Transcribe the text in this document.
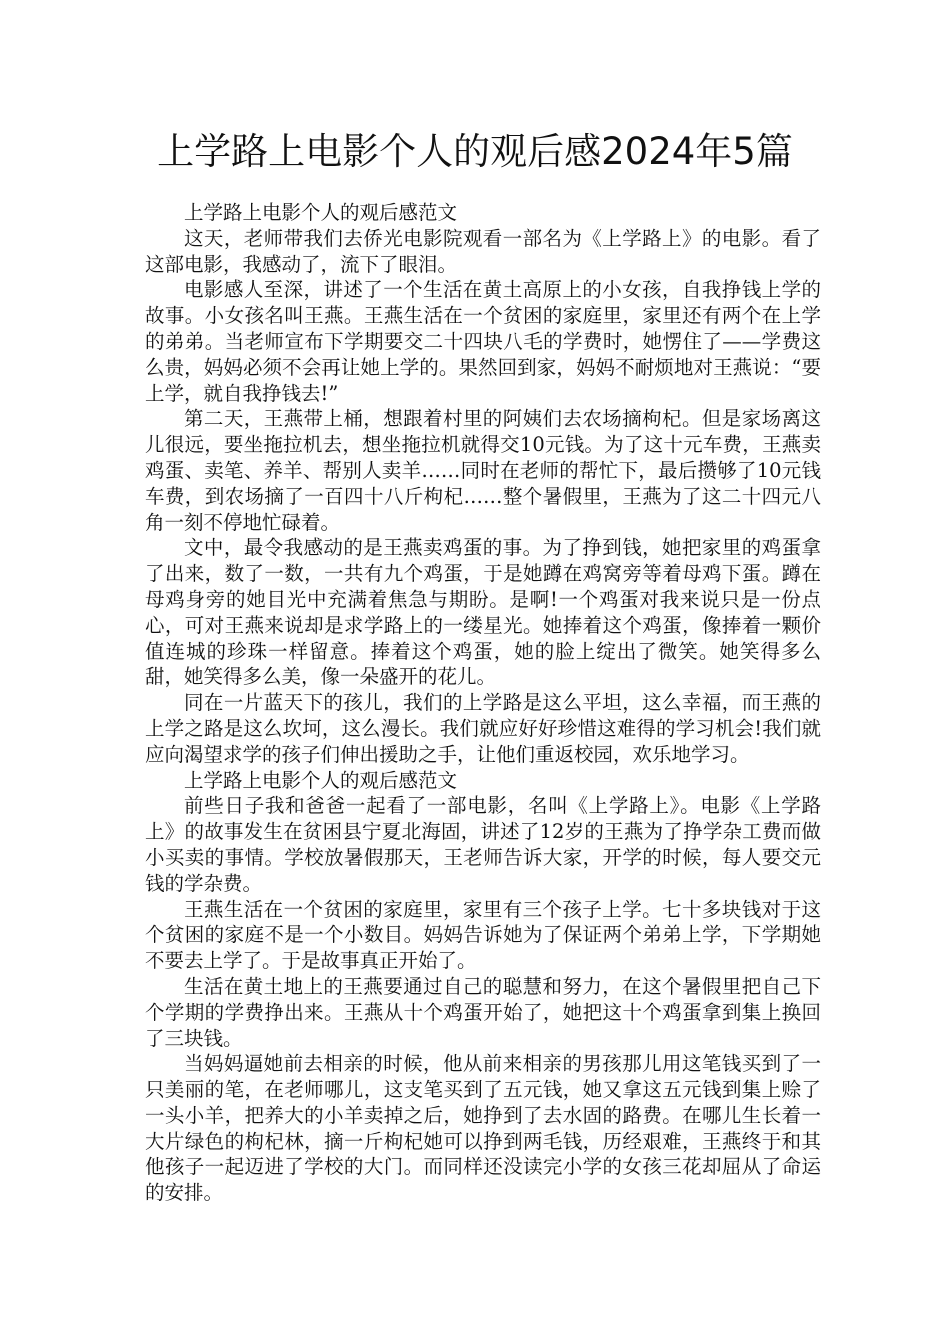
上学路上电影个人的观后感2024年5篇

上学路上电影个人的观后感范文

这天，老师带我们去侨光电影院观看一部名为《上学路上》的电影。看了这部电影，我感动了，流下了眼泪。

电影感人至深，讲述了一个生活在黄土高原上的小女孩，自我挣钱上学的故事。小女孩名叫王燕。王燕生活在一个贫困的家庭里，家里还有两个在上学的弟弟。当老师宣布下学期要交二十四块八毛的学费时，她愣住了——学费这么贵，妈妈必须不会再让她上学的。果然回到家，妈妈不耐烦地对王燕说：“要上学，就自我挣钱去!”

第二天，王燕带上桶，想跟着村里的阿姨们去农场摘枸杞。但是家场离这儿很远，要坐拖拉机去，想坐拖拉机就得交10元钱。为了这十元车费，王燕卖鸡蛋、卖笔、养羊、帮别人卖羊……同时在老师的帮忙下，最后攒够了10元钱车费，到农场摘了一百四十八斤枸杞……整个暑假里，王燕为了这二十四元八角一刻不停地忙碌着。

文中，最令我感动的是王燕卖鸡蛋的事。为了挣到钱，她把家里的鸡蛋拿了出来，数了一数，一共有九个鸡蛋，于是她蹲在鸡窝旁等着母鸡下蛋。蹲在母鸡身旁的她目光中充满着焦急与期盼。是啊!一个鸡蛋对我来说只是一份点心，可对王燕来说却是求学路上的一缕星光。她捧着这个鸡蛋，像捧着一颗价值连城的珍珠一样留意。捧着这个鸡蛋，她的脸上绽出了微笑。她笑得多么甜，她笑得多么美，像一朵盛开的花儿。

同在一片蓝天下的孩儿，我们的上学路是这么平坦，这么幸福，而王燕的上学之路是这么坎坷，这么漫长。我们就应好好珍惜这难得的学习机会!我们就应向渴望求学的孩子们伸出援助之手，让他们重返校园，欢乐地学习。

上学路上电影个人的观后感范文

前些日子我和爸爸一起看了一部电影，名叫《上学路上》。电影《上学路上》的故事发生在贫困县宁夏北海固，讲述了12岁的王燕为了挣学杂工费而做小买卖的事情。学校放暑假那天，王老师告诉大家，开学的时候，每人要交元钱的学杂费。

王燕生活在一个贫困的家庭里，家里有三个孩子上学。七十多块钱对于这个贫困的家庭不是一个小数目。妈妈告诉她为了保证两个弟弟上学，下学期她不要去上学了。于是故事真正开始了。

生活在黄土地上的王燕要通过自己的聪慧和努力，在这个暑假里把自己下个学期的学费挣出来。王燕从十个鸡蛋开始了，她把这十个鸡蛋拿到集上换回了三块钱。

当妈妈逼她前去相亲的时候，他从前来相亲的男孩那儿用这笔钱买到了一只美丽的笔，在老师哪儿，这支笔买到了五元钱，她又拿这五元钱到集上赊了一头小羊，把养大的小羊卖掉之后，她挣到了去水固的路费。在哪儿生长着一大片绿色的枸杞林，摘一斤枸杞她可以挣到两毛钱，历经艰难，王燕终于和其他孩子一起迈进了学校的大门。而同样还没读完小学的女孩三花却屈从了命运的安排。
